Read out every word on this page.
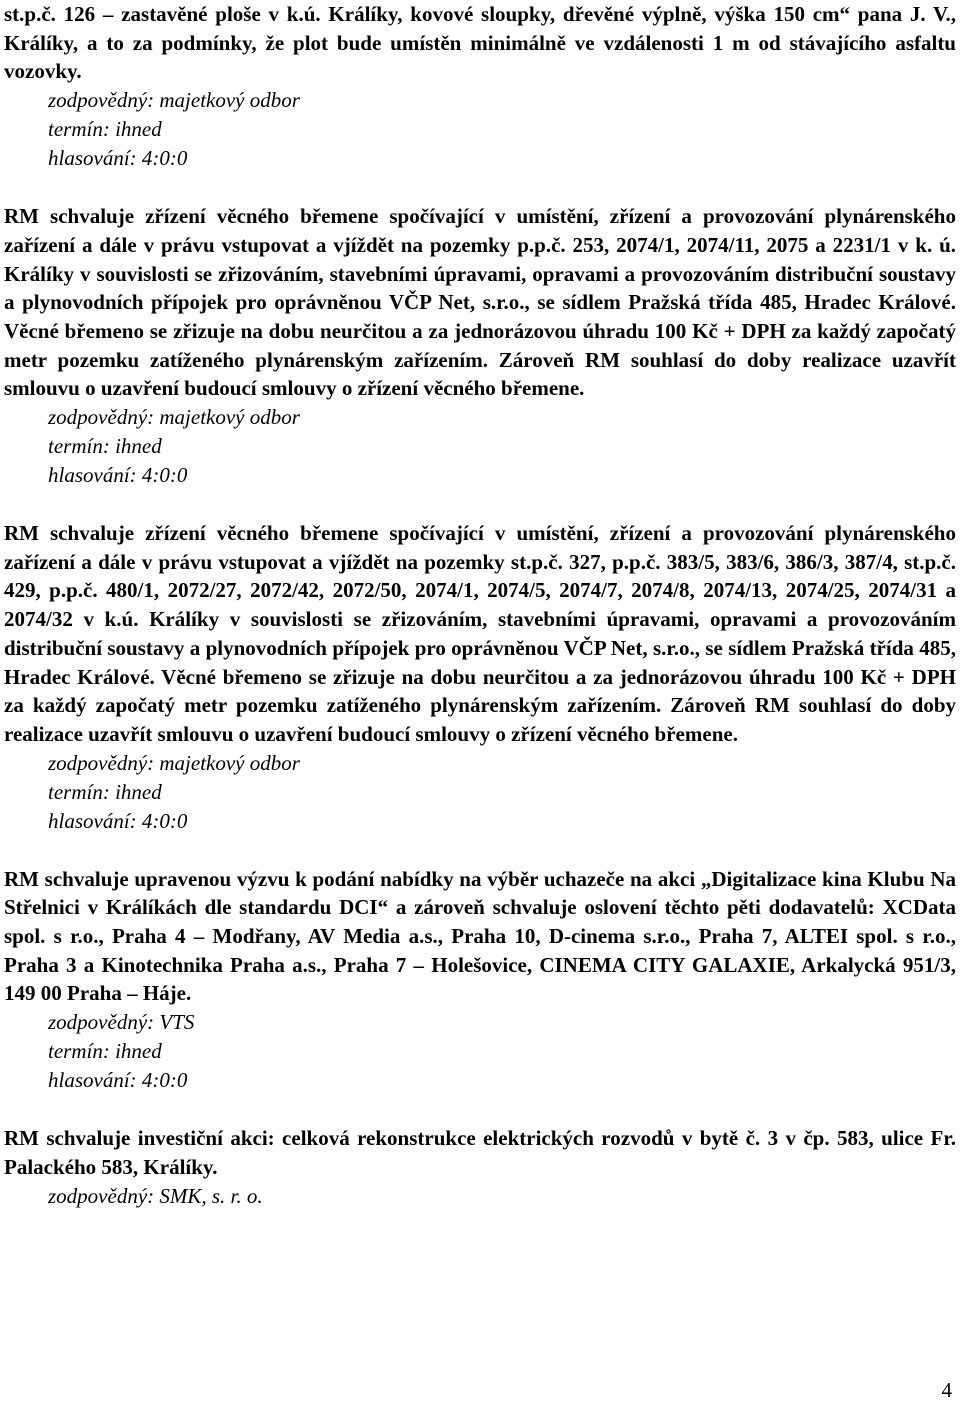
st.p.č. 126 – zastavěné ploše v k.ú. Králíky, kovové sloupky, dřevěné výplně, výška 150 cm“ pana J. V., Králíky, a to za podmínky, že plot bude umístěn minimálně ve vzdálenosti 1 m od stávajícího asfaltu vozovky.

zodpovědný: majetkový odbor

termín: ihned

hlasování: 4:0:0

RM schvaluje zřízení věcného břemene spočívající v umístění, zřízení a provozování plynárenského zařízení a dále v právu vstupovat a vjíždět na pozemky p.p.č. 253, 2074/1, 2074/11, 2075 a 2231/1 v k. ú. Králíky v souvislosti se zřizováním, stavebními úpravami, opravami a provozováním distribuční soustavy a plynovodních přípojek pro oprávněnou VČP Net, s.r.o., se sídlem Pražská třída 485, Hradec Králové. Věcné břemeno se zřizuje na dobu neurčitou a za jednorázovou úhradu 100 Kč + DPH za každý započatý metr pozemku zatíženého plynárenským zařízením. Zároveň RM souhlasí do doby realizace uzavřít smlouvu o uzavření budoucí smlouvy o zřízení věcného břemene.

zodpovědný: majetkový odbor

termín: ihned

hlasování: 4:0:0

RM schvaluje zřízení věcného břemene spočívající v umístění, zřízení a provozování plynárenského zařízení a dále v právu vstupovat a vjíždět na pozemky st.p.č. 327, p.p.č. 383/5, 383/6, 386/3, 387/4, st.p.č. 429, p.p.č. 480/1, 2072/27, 2072/42, 2072/50, 2074/1, 2074/5, 2074/7, 2074/8, 2074/13, 2074/25, 2074/31 a 2074/32 v k.ú. Králíky v souvislosti se zřizováním, stavebními úpravami, opravami a provozováním distribuční soustavy a plynovodních přípojek pro oprávněnou VČP Net, s.r.o., se sídlem Pražská třída 485, Hradec Králové. Věcné břemeno se zřizuje na dobu neurčitou a za jednorázovou úhradu 100 Kč + DPH za každý započatý metr pozemku zatíženého plynárenským zařízením. Zároveň RM souhlasí do doby realizace uzavřít smlouvu o uzavření budoucí smlouvy o zřízení věcného břemene.

zodpovědný: majetkový odbor

termín: ihned

hlasování: 4:0:0

RM schvaluje upravenou výzvu k podání nabídky na výběr uchazeče na akci „Digitalizace kina Klubu Na Střelnici v Králíkách dle standardu DCI“ a zároveň schvaluje oslovení těchto pěti dodavatelů: XCData spol. s r.o., Praha 4 – Modřany, AV Media a.s., Praha 10, D-cinema s.r.o., Praha 7, ALTEI spol. s r.o., Praha 3 a Kinotechnika Praha a.s., Praha 7 – Holešovice, CINEMA CITY GALAXIE, Arkalycká 951/3, 149 00 Praha – Háje.

zodpovědný: VTS

termín: ihned

hlasování: 4:0:0

RM schvaluje investiční akci: celková rekonstrukce elektrických rozvodů v bytě č. 3 v čp. 583, ulice Fr. Palackého 583, Králíky.

zodpovědný: SMK, s. r. o.

4
